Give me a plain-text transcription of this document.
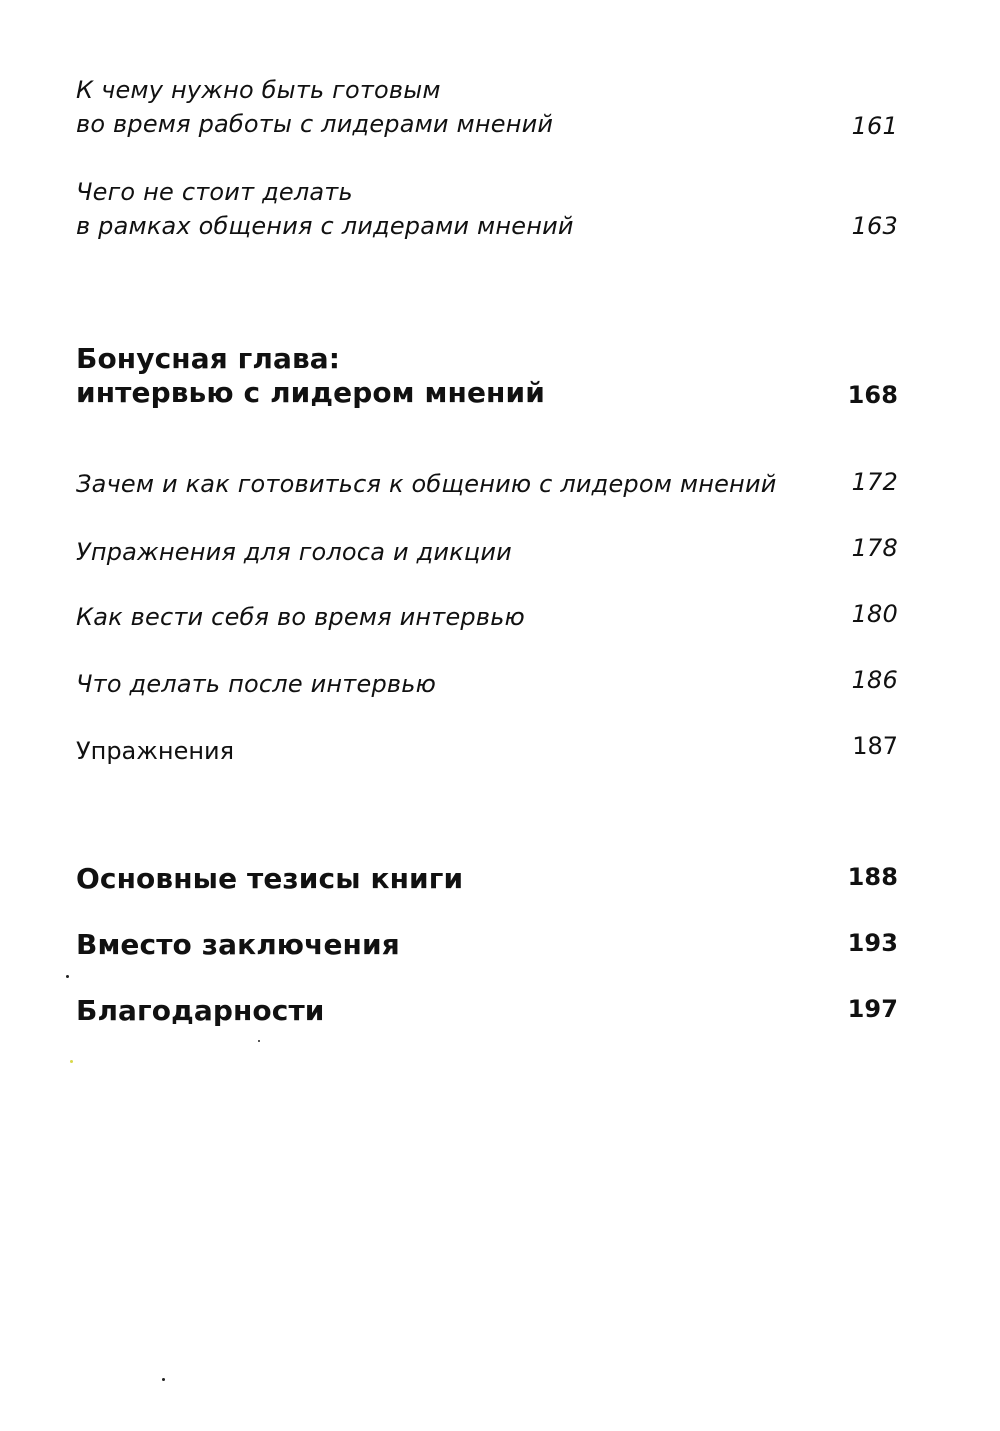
К чему нужно быть готовым
во время работы с лидерами мнений	161
Чего не стоит делать
в рамках общения с лидерами мнений	163
Бонусная глава:
интервью с лидером мнений	168
Зачем и как готовиться к общению с лидером мнений	172
Упражнения для голоса и дикции	178
Как вести себя во время интервью	180
Что делать после интервью	186
Упражнения	187
Основные тезисы книги	188
Вместо заключения	193
Благодарности	197
